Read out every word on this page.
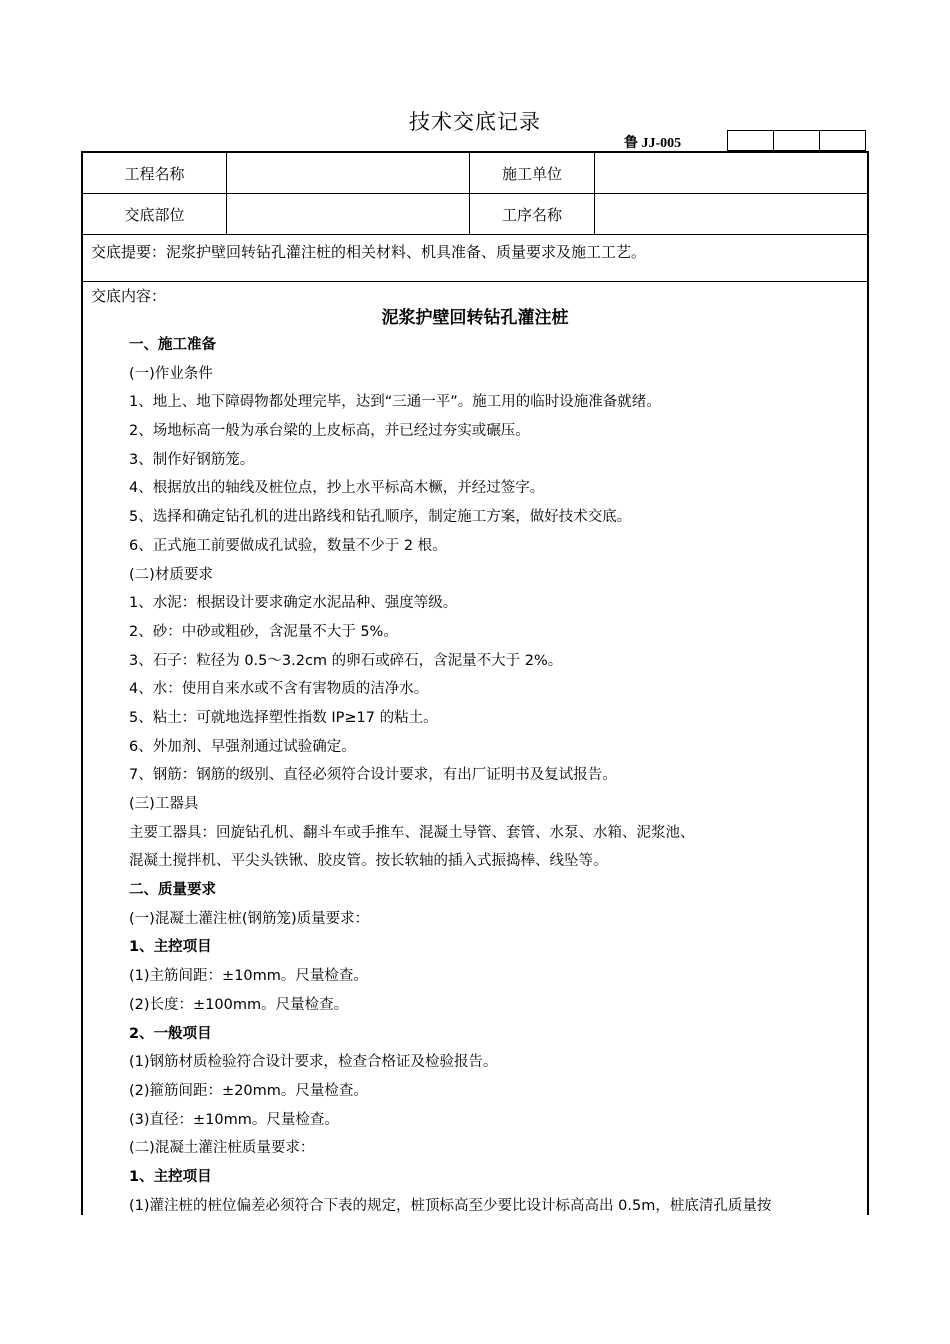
技术交底记录
鲁 JJ-005
工程名称	施工单位
交底部位	工序名称
交底提要：泥浆护壁回转钻孔灌注桩的相关材料、机具准备、质量要求及施工工艺。
交底内容：
泥浆护壁回转钻孔灌注桩
一、施工准备
(一)作业条件
1、地上、地下障碍物都处理完毕，达到“三通一平”。施工用的临时设施准备就绪。
2、场地标高一般为承台梁的上皮标高，并已经过夯实或碾压。
3、制作好钢筋笼。
4、根据放出的轴线及桩位点，抄上水平标高木橛，并经过签字。
5、选择和确定钻孔机的进出路线和钻孔顺序，制定施工方案，做好技术交底。
6、正式施工前要做成孔试验，数量不少于 2 根。
(二)材质要求
1、水泥：根据设计要求确定水泥品种、强度等级。
2、砂：中砂或粗砂，含泥量不大于 5%。
3、石子：粒径为 0.5～3.2cm 的卵石或碎石，含泥量不大于 2%。
4、水：使用自来水或不含有害物质的洁净水。
5、粘土：可就地选择塑性指数 IP≥17 的粘土。
6、外加剂、早强剂通过试验确定。
7、钢筋：钢筋的级别、直径必须符合设计要求，有出厂证明书及复试报告。
(三)工器具
主要工器具：回旋钻孔机、翻斗车或手推车、混凝土导管、套管、水泵、水箱、泥浆池、
混凝土搅拌机、平尖头铁锹、胶皮管。按长软轴的插入式振捣棒、线坠等。
二、质量要求
(一)混凝土灌注桩(钢筋笼)质量要求：
1、主控项目
(1)主筋间距：±10mm。尺量检查。
(2)长度：±100mm。尺量检查。
2、一般项目
(1)钢筋材质检验符合设计要求，检查合格证及检验报告。
(2)箍筋间距：±20mm。尺量检查。
(3)直径：±10mm。尺量检查。
(二)混凝土灌注桩质量要求：
1、主控项目
(1)灌注桩的桩位偏差必须符合下表的规定，桩顶标高至少要比设计标高高出 0.5m，桩底清孔质量按
